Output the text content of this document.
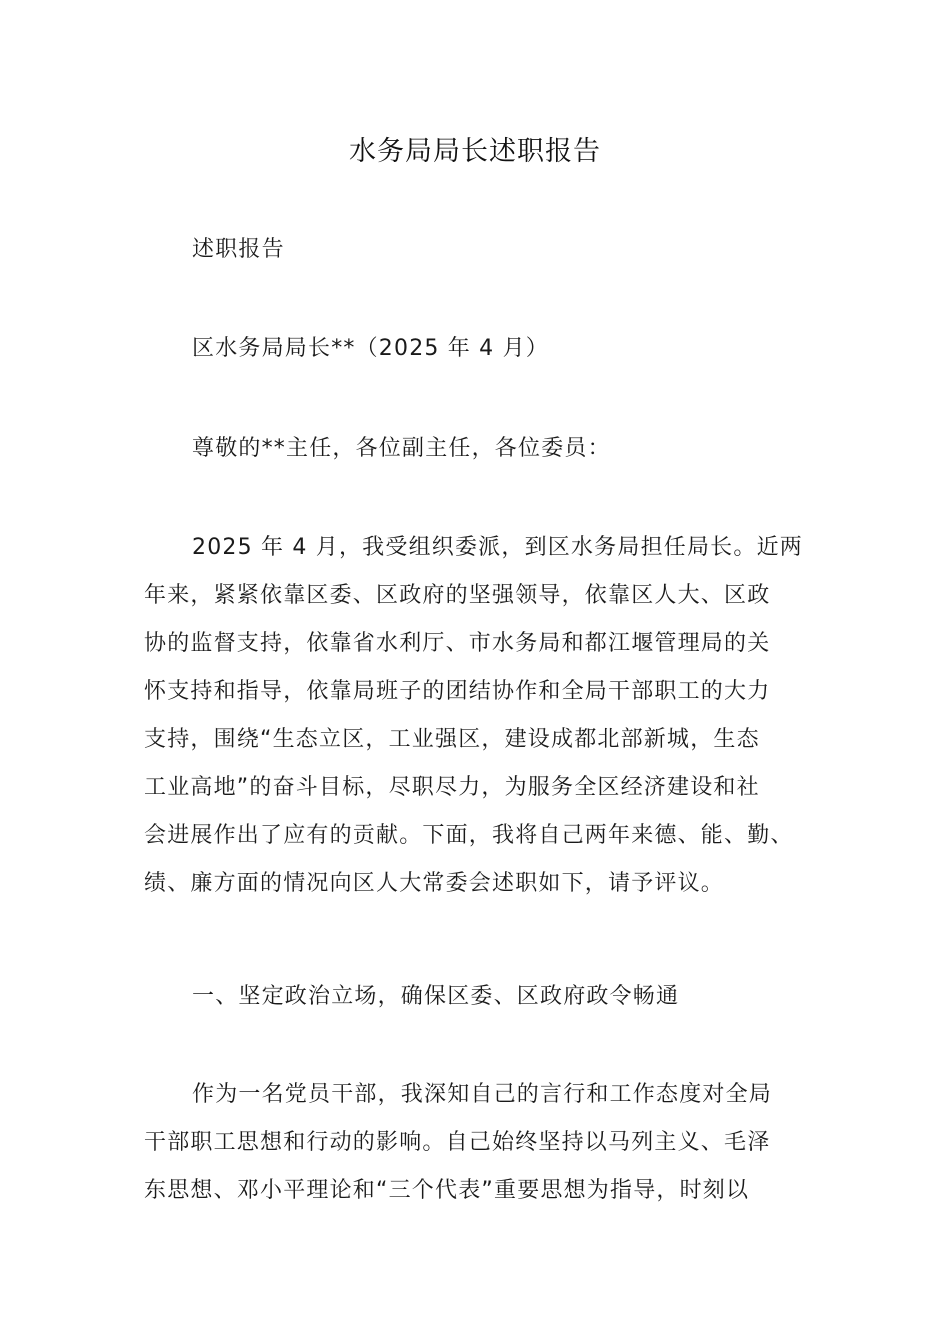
水务局局长述职报告

述职报告

区水务局局长**（2025 年 4 月）

尊敬的**主任，各位副主任，各位委员：

2025 年 4 月，我受组织委派，到区水务局担任局长。近两
年来，紧紧依靠区委、区政府的坚强领导，依靠区人大、区政
协的监督支持，依靠省水利厅、市水务局和都江堰管理局的关
怀支持和指导，依靠局班子的团结协作和全局干部职工的大力
支持，围绕“生态立区，工业强区，建设成都北部新城，生态
工业高地”的奋斗目标，尽职尽力，为服务全区经济建设和社
会进展作出了应有的贡献。下面，我将自己两年来德、能、勤、
绩、廉方面的情况向区人大常委会述职如下，请予评议。

一、坚定政治立场，确保区委、区政府政令畅通

作为一名党员干部，我深知自己的言行和工作态度对全局
干部职工思想和行动的影响。自己始终坚持以马列主义、毛泽
东思想、邓小平理论和“三个代表”重要思想为指导，时刻以
